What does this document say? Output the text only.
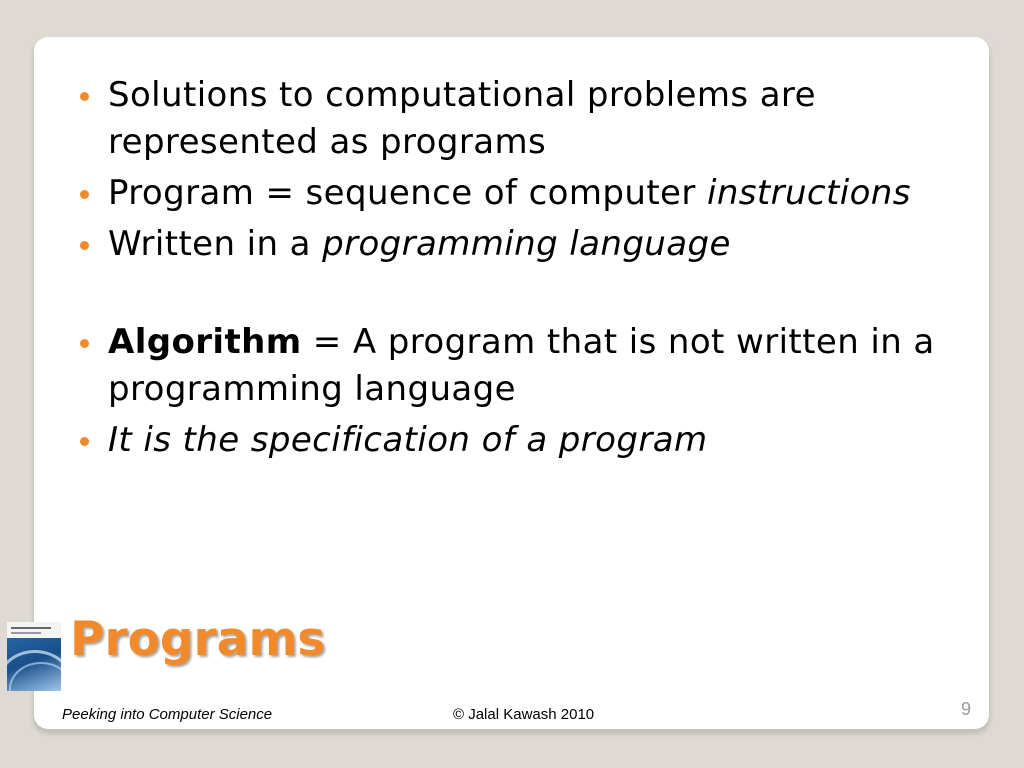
Solutions to computational problems are represented as programs
Program = sequence of computer instructions
Written in a programming language
Algorithm = A program that is not written in a programming language
It is the specification of a program
Programs
Peeking into Computer Science	© Jalal Kawash 2010	9
